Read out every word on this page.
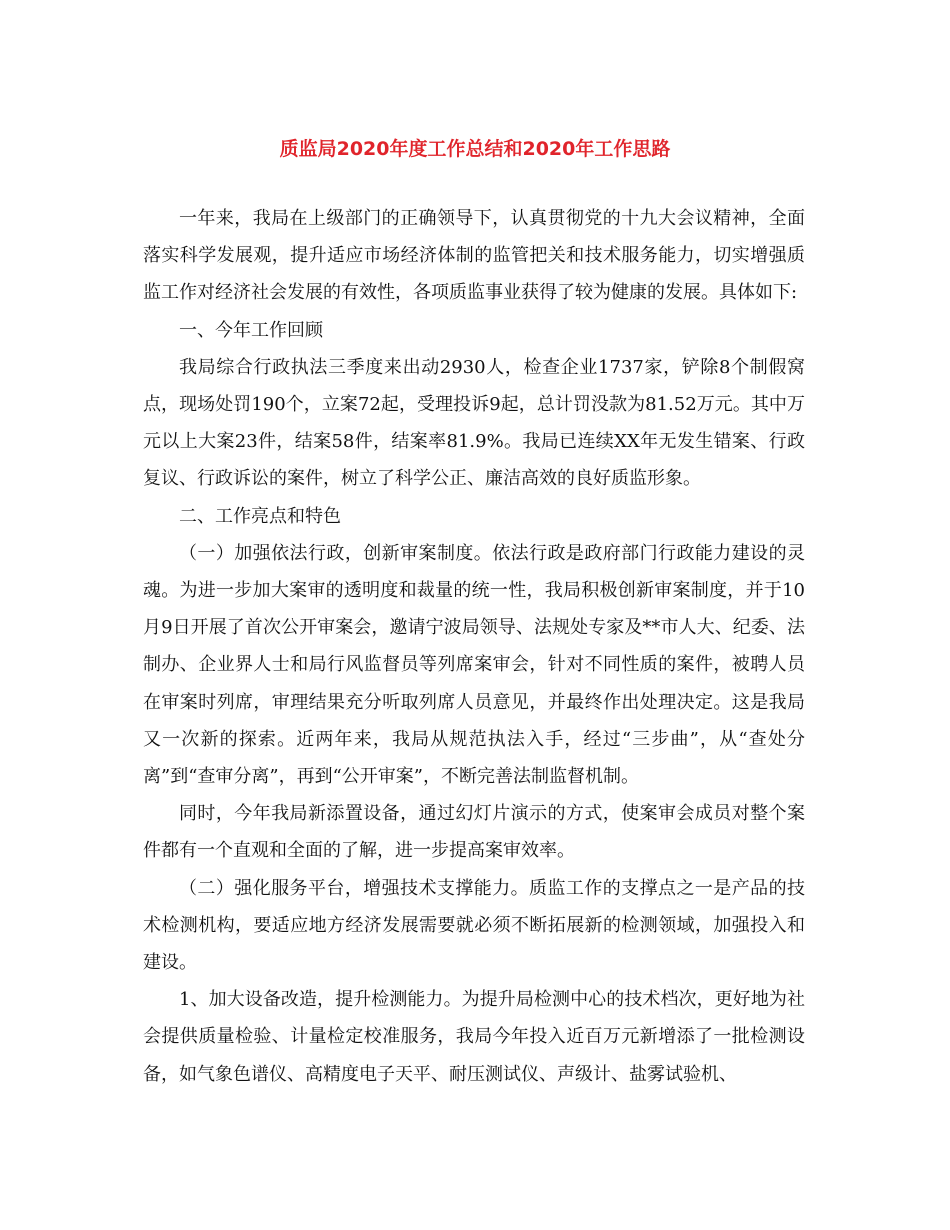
质监局2020年度工作总结和2020年工作思路

一年来，我局在上级部门的正确领导下，认真贯彻党的十九大会议精神，全面落实科学发展观，提升适应市场经济体制的监管把关和技术服务能力，切实增强质监工作对经济社会发展的有效性，各项质监事业获得了较为健康的发展。具体如下:

一、今年工作回顾

我局综合行政执法三季度来出动2930人，检查企业1737家，铲除8个制假窝点，现场处罚190个，立案72起，受理投诉9起，总计罚没款为81.52万元。其中万元以上大案23件，结案58件，结案率81.9%。我局已连续XX年无发生错案、行政复议、行政诉讼的案件，树立了科学公正、廉洁高效的良好质监形象。

二、工作亮点和特色

（一）加强依法行政，创新审案制度。依法行政是政府部门行政能力建设的灵魂。为进一步加大案审的透明度和裁量的统一性，我局积极创新审案制度，并于10月9日开展了首次公开审案会，邀请宁波局领导、法规处专家及**市人大、纪委、法制办、企业界人士和局行风监督员等列席案审会，针对不同性质的案件，被聘人员在审案时列席，审理结果充分听取列席人员意见，并最终作出处理决定。这是我局又一次新的探索。近两年来，我局从规范执法入手，经过“三步曲”，从“查处分离”到“查审分离”，再到“公开审案”，不断完善法制监督机制。

同时，今年我局新添置设备，通过幻灯片演示的方式，使案审会成员对整个案件都有一个直观和全面的了解，进一步提高案审效率。

（二）强化服务平台，增强技术支撑能力。质监工作的支撑点之一是产品的技术检测机构，要适应地方经济发展需要就必须不断拓展新的检测领域，加强投入和建设。

1、加大设备改造，提升检测能力。为提升局检测中心的技术档次，更好地为社会提供质量检验、计量检定校准服务，我局今年投入近百万元新增添了一批检测设备，如气象色谱仪、高精度电子天平、耐压测试仪、声级计、盐雾试验机、
